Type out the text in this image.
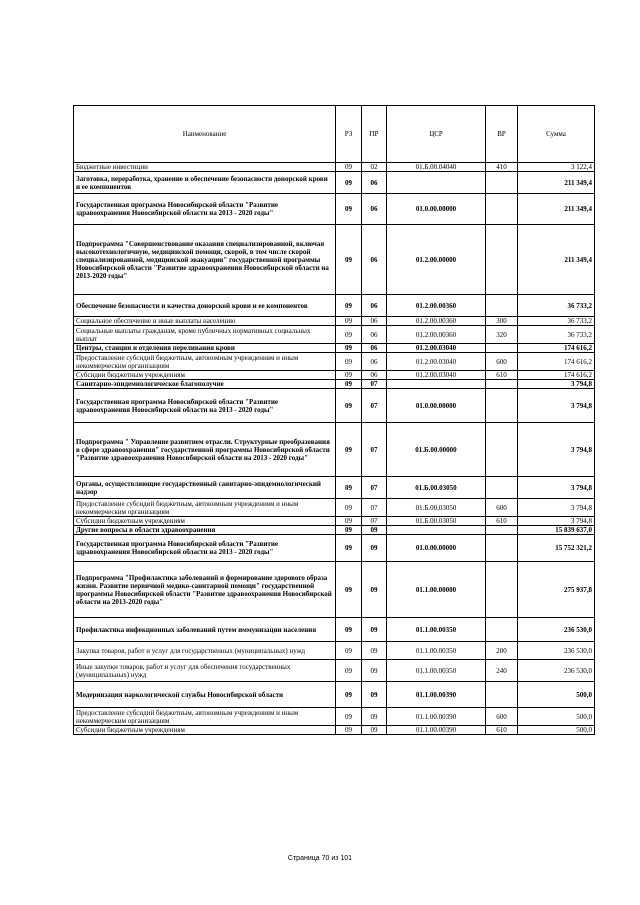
Наименование	РЗ	ПР	ЦСР	ВР	Сумма
Бюджетные инвестиции	09	02	01.Б.00.04040	410	3 122,4
Заготовка, переработка, хранение и обеспечение безопасности донорской крови и ее компонентов	09	06			211 349,4
Государственная программа Новосибирской области "Развитие здравоохранения Новосибирской области на 2013 - 2020 годы"	09	06	01.0.00.00000		211 349,4
Подпрограмма "Совершенствование оказания специализированной, включая высокотехнологичную, медицинской помощи, скорой, в том числе скорой специализированной, медицинской эвакуации" государственной программы Новосибирской области "Развитие здравоохранения Новосибирской области на 2013-2020 годы"	09	06	01.2.00.00000		211 349,4
Обеспечение безопасности и качества донорской крови и ее компонентов	09	06	01.2.00.00360		36 733,2
Социальное обеспечение и иные выплаты населению	09	06	01.2.00.00360	300	36 733,2
Социальные выплаты гражданам, кроме публичных нормативных социальных выплат	09	06	01.2.00.00360	320	36 733,2
Центры, станции и отделения переливания крови	09	06	01.2.00.03040		174 616,2
Предоставление субсидий бюджетным, автономным учреждениям и иным некоммерческим организациям	09	06	01.2.00.03040	600	174 616,2
Субсидии бюджетным учреждениям	09	06	01.2.00.03040	610	174 616,2
Санитарно-эпидемиологическое благополучие	09	07			3 794,8
Государственная программа Новосибирской области "Развитие здравоохранения Новосибирской области на 2013 - 2020 годы"	09	07	01.0.00.00000		3 794,8
Подпрограмма " Управление развитием отрасли. Структурные преобразования в сфере здравоохранения" государственной программы Новосибирской области "Развитие здравоохранения Новосибирской области на 2013 - 2020 годы"	09	07	01.Б.00.00000		3 794,8
Органы, осуществляющие государственный санитарно-эпидемиологический надзор	09	07	01.Б.00.03050		3 794,8
Предоставление субсидий бюджетным, автономным учреждениям и иным некоммерческим организациям	09	07	01.Б.00.03050	600	3 794,8
Субсидии бюджетным учреждениям	09	07	01.Б.00.03050	610	3 794,8
Другие вопросы в области здравоохранения	09	09			15 839 637,0
Государственная программа Новосибирской области "Развитие здравоохранения Новосибирской области на 2013 - 2020 годы"	09	09	01.0.00.00000		15 752 321,2
Подпрограмма "Профилактика заболеваний и формирование здорового образа жизни. Развитие первичной медико-санитарной помощи" государственной программы Новосибирской области "Развитие здравоохранения Новосибирской области на 2013-2020 годы"	09	09	01.1.00.00000		275 937,8
Профилактика инфекционных заболеваний путем иммунизации населения	09	09	01.1.00.00350		236 530,0
Закупка товаров, работ и услуг для государственных (муниципальных) нужд	09	09	01.1.00.00350	200	236 530,0
Иные закупки товаров, работ и услуг для обеспечения государственных (муниципальных) нужд	09	09	01.1.00.00350	240	236 530,0
Модернизация наркологической службы Новосибирской области	09	09	01.1.00.00390		500,0
Предоставление субсидий бюджетным, автономным учреждениям и иным некоммерческим организациям	09	09	01.1.00.00390	600	500,0
Субсидии бюджетным учреждениям	09	09	01.1.00.00390	610	500,0
Страница 70 из 101
